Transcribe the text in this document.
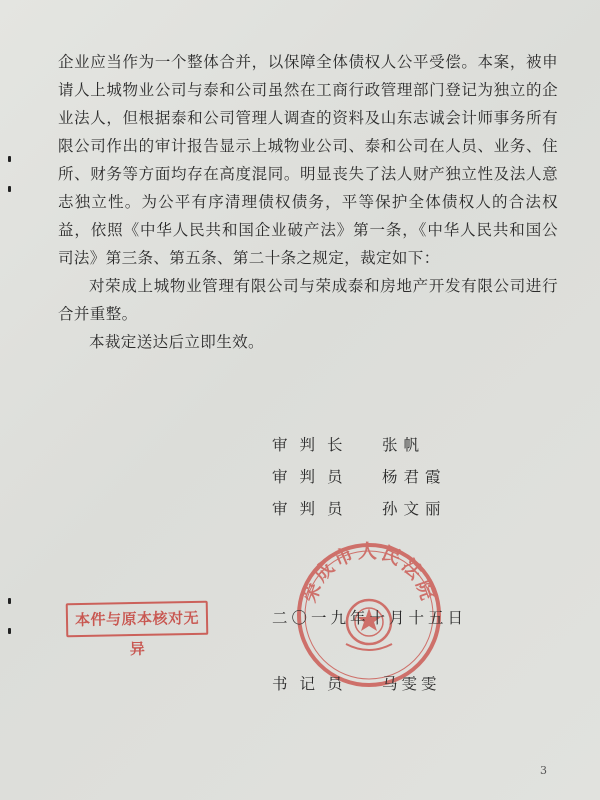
企业应当作为一个整体合并，以保障全体债权人公平受偿。本案，被申请人上城物业公司与泰和公司虽然在工商行政管理部门登记为独立的企业法人，但根据泰和公司管理人调查的资料及山东志诚会计师事务所有限公司作出的审计报告显示上城物业公司、泰和公司在人员、业务、住所、财务等方面均存在高度混同。明显丧失了法人财产独立性及法人意志独立性。为公平有序清理债权债务，平等保护全体债权人的合法权益，依照《中华人民共和国企业破产法》第一条，《中华人民共和国公司法》第三条、第五条、第二十条之规定，裁定如下：

对荣成上城物业管理有限公司与荣成泰和房地产开发有限公司进行合并重整。

本裁定送达后立即生效。

审判长	张帆
审判员	杨君霞
审判员	孙文丽
荣成市人民法院
二〇一九年十月十五日
本件与原本核对无异
书记员	马雯雯
3
